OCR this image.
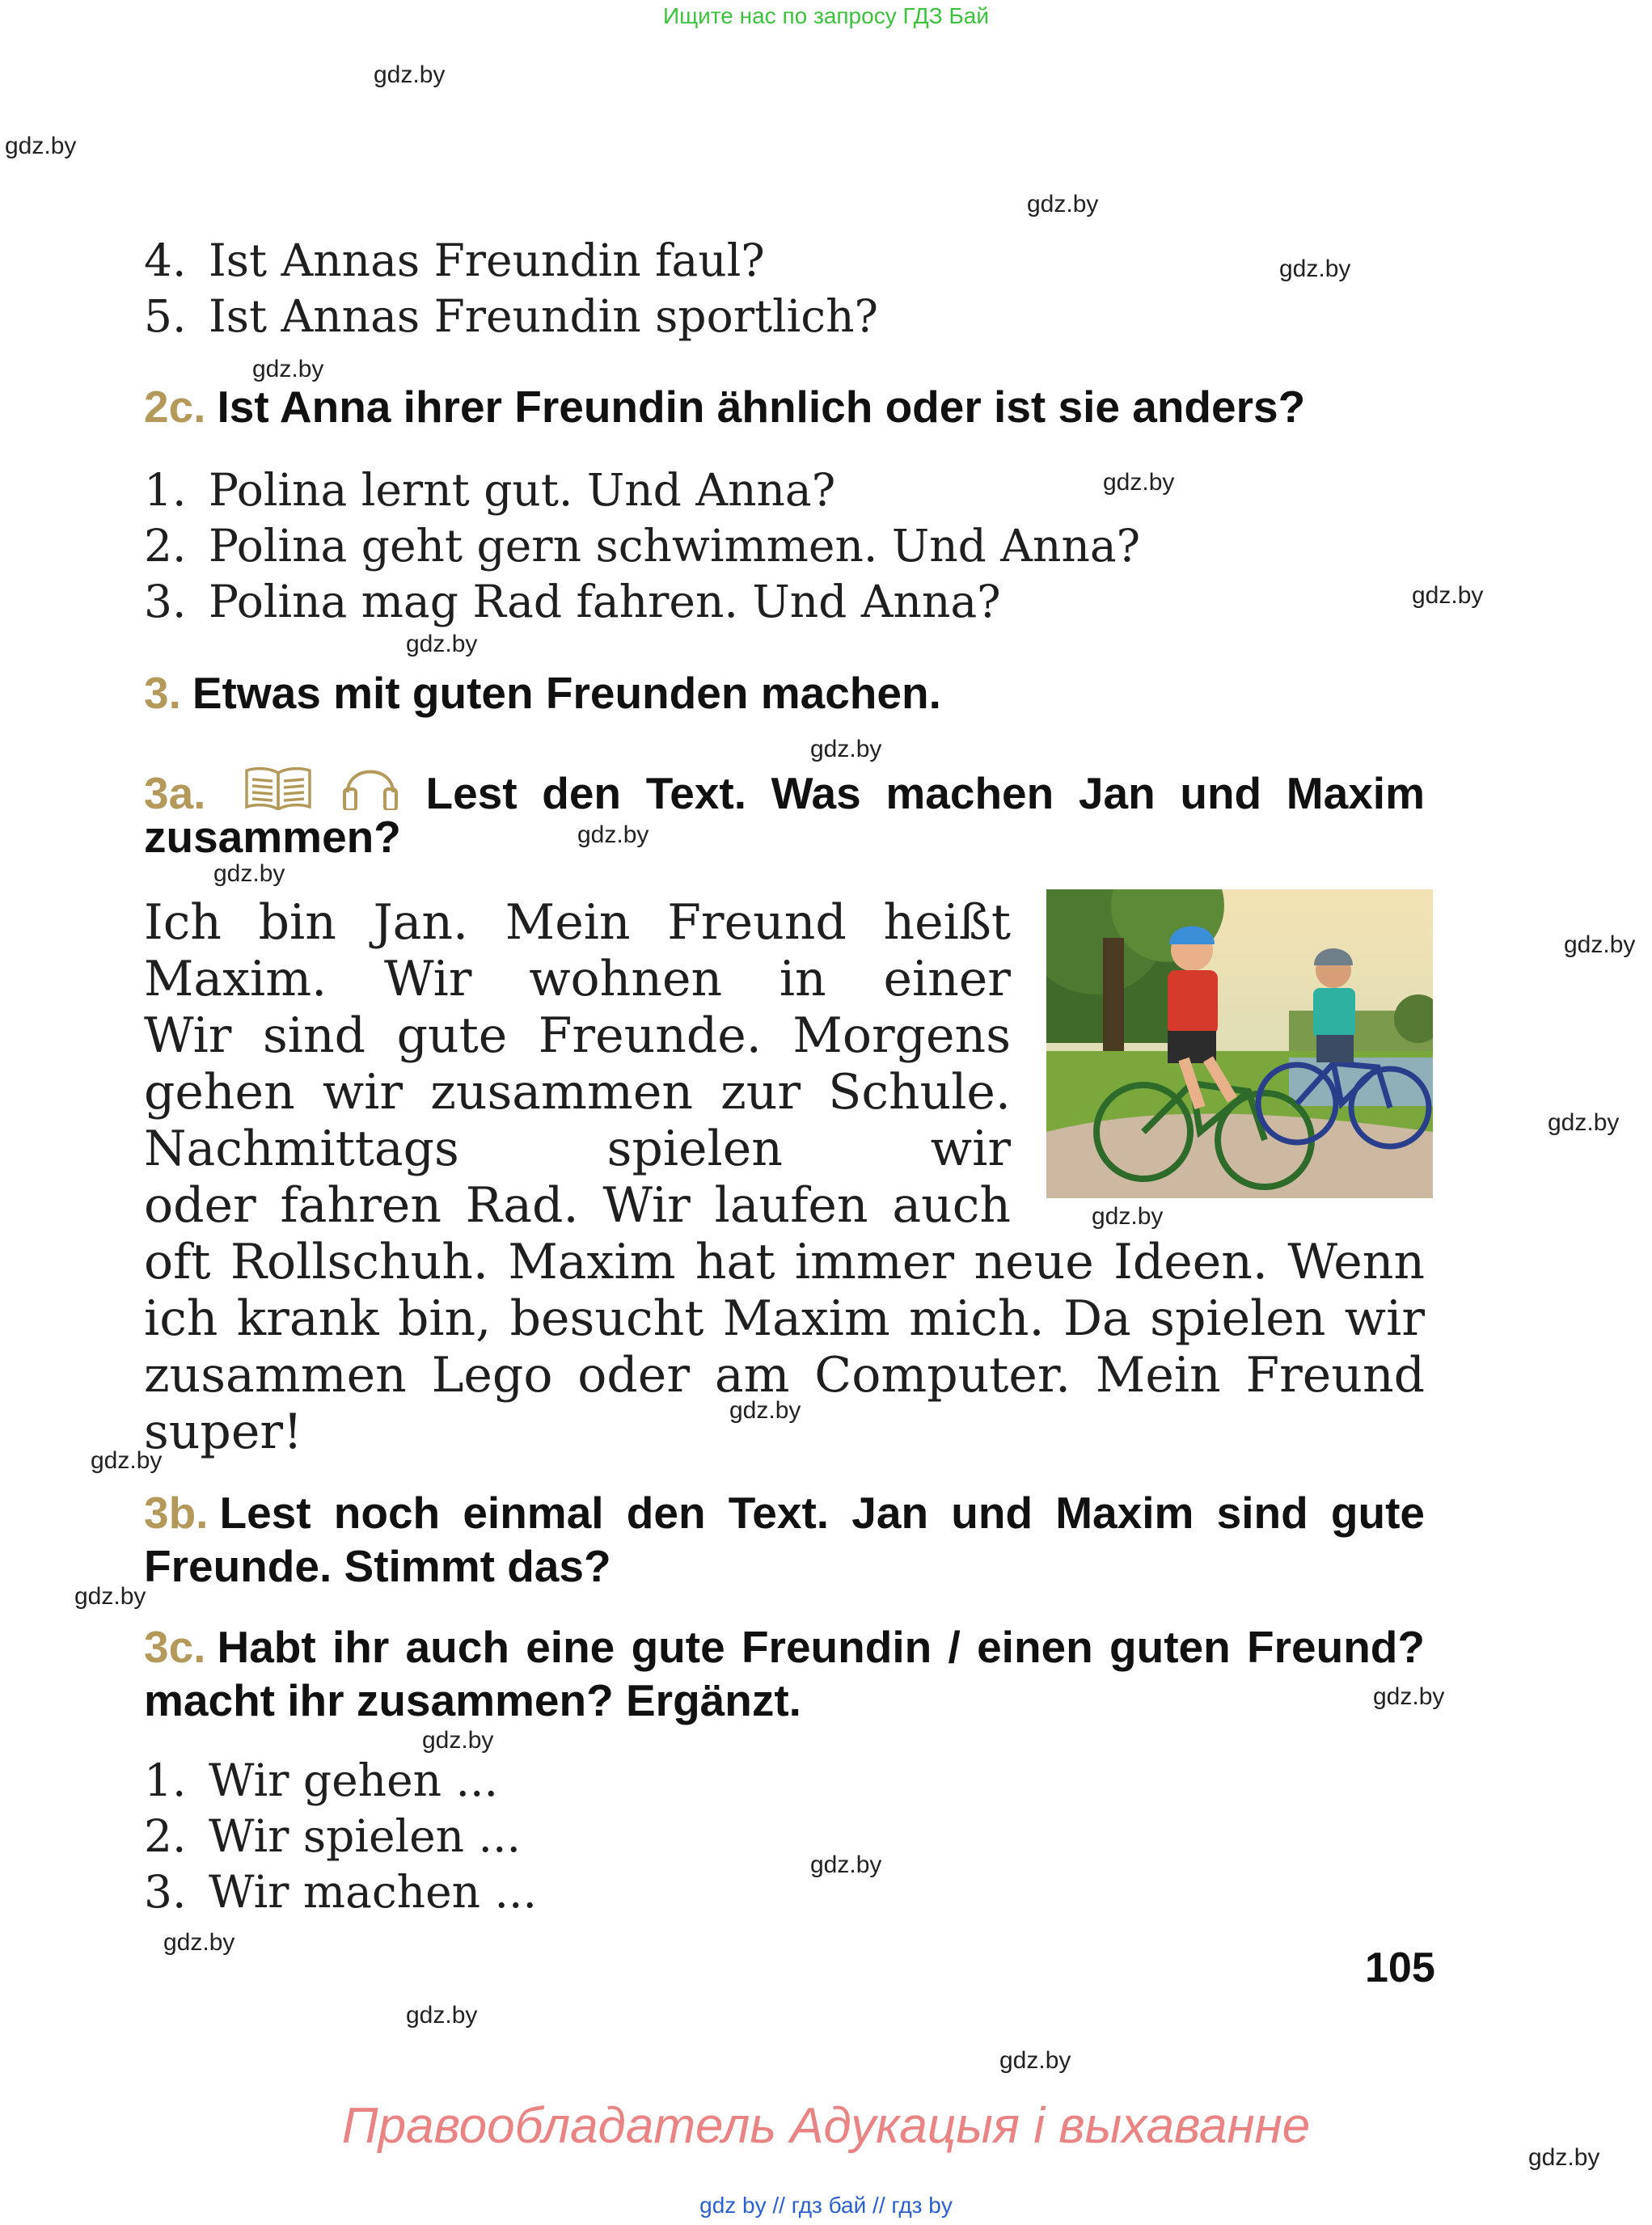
Ищите нас по запросу ГДЗ Бай
gdz.by
gdz.by
gdz.by
gdz.by
gdz.by
gdz.by
gdz.by
gdz.by
gdz.by
gdz.by
gdz.by
gdz.by
gdz.by
gdz.by
gdz.by
gdz.by
gdz.by
gdz.by
gdz.by
gdz.by
gdz.by
gdz.by
gdz.by
gdz.by
4. Ist Annas Freundin faul?
5. Ist Annas Freundin sportlich?
2c. Ist Anna ihrer Freundin ähnlich oder ist sie anders?
1. Polina lernt gut. Und Anna?
2. Polina geht gern schwimmen. Und Anna?
3. Polina mag Rad fahren. Und Anna?
3. Etwas mit guten Freunden machen.
3a.	Lest den Text. Was machen Jan und Maxim
zusammen?
Ich bin Jan. Mein Freund heißt
Maxim. Wir wohnen in einer
Wir sind gute Freunde. Morgens
gehen wir zusammen zur Schule.
Nachmittags spielen wir
oder fahren Rad. Wir laufen auch
oft Rollschuh. Maxim hat immer neue Ideen. Wenn
ich krank bin, besucht Maxim mich. Da spielen wir
zusammen Lego oder am Computer. Mein Freund
super!
3b. Lest noch einmal den Text. Jan und Maxim sind gute
Freunde. Stimmt das?
3c. Habt ihr auch eine gute Freundin / einen guten Freund?
macht ihr zusammen? Ergänzt.
1. Wir gehen ...
2. Wir spielen ...
3. Wir machen ...
105
Правообладатель Адукацыя і выхаванне
gdz by // гдз бай // гдз by
